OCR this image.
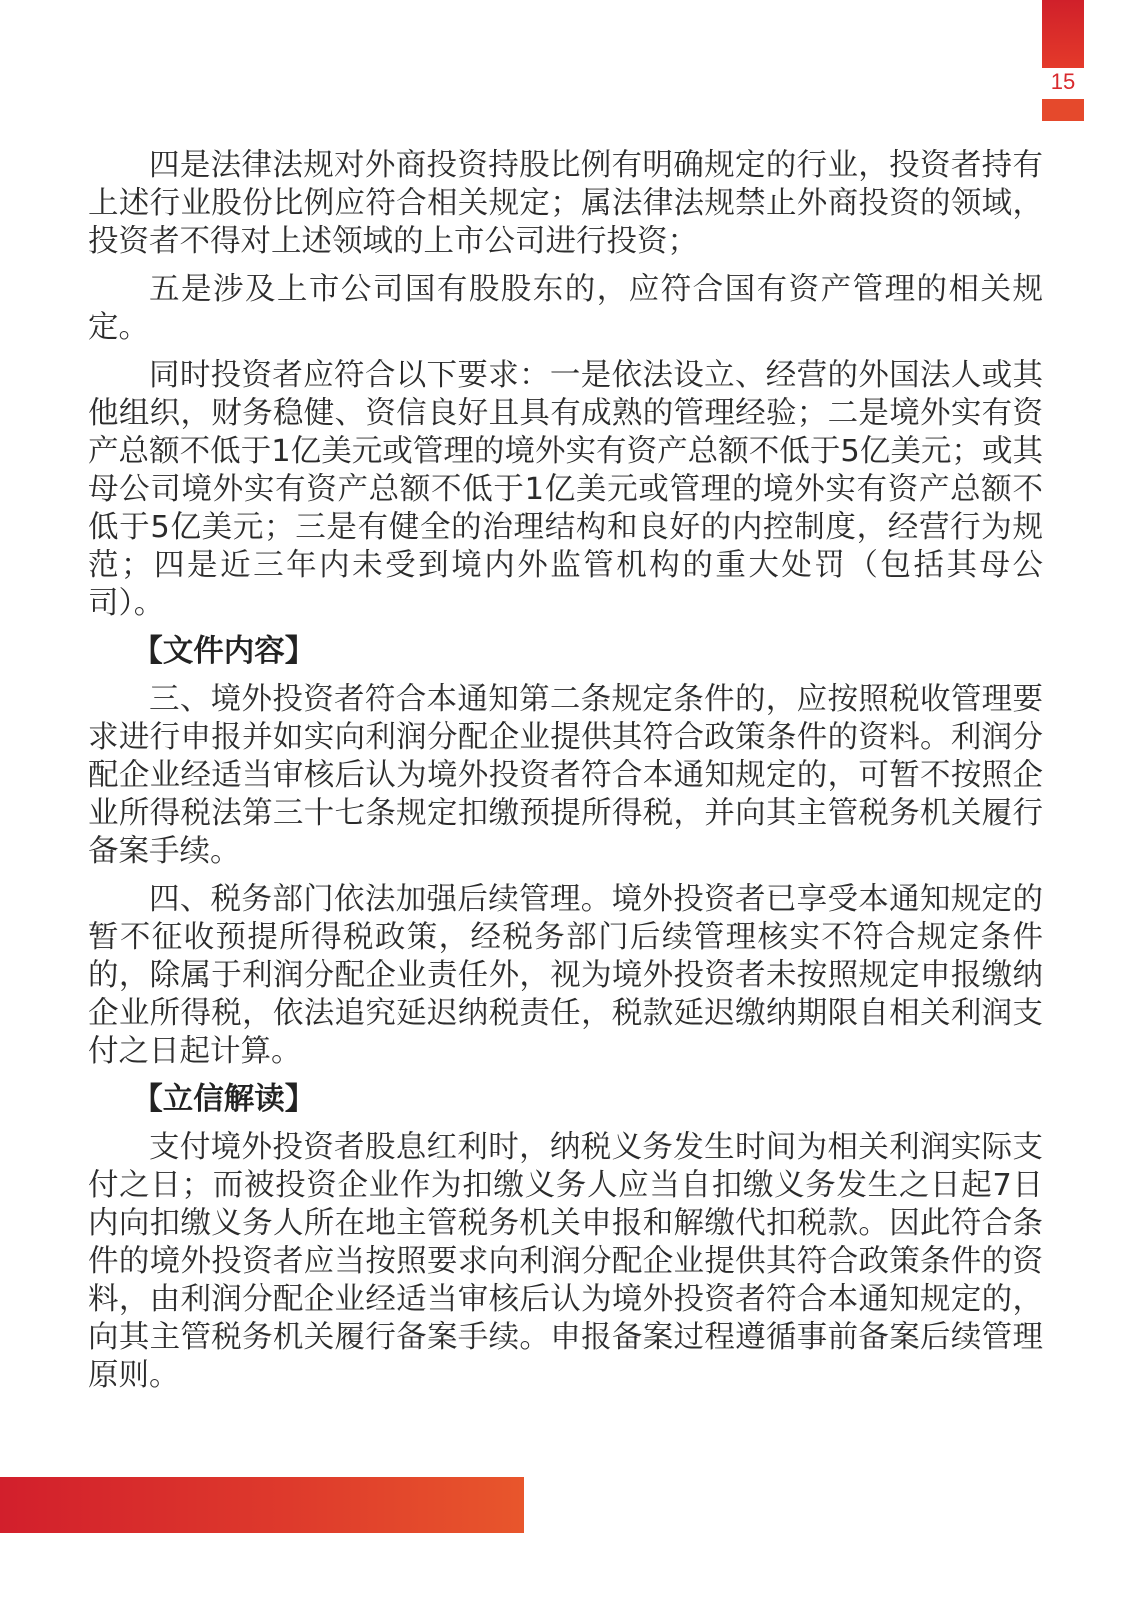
15

四是法律法规对外商投资持股比例有明确规定的行业，投资者持有上述行业股份比例应符合相关规定；属法律法规禁止外商投资的领域，投资者不得对上述领域的上市公司进行投资；

五是涉及上市公司国有股股东的，应符合国有资产管理的相关规定。

同时投资者应符合以下要求：一是依法设立、经营的外国法人或其他组织，财务稳健、资信良好且具有成熟的管理经验；二是境外实有资产总额不低于1亿美元或管理的境外实有资产总额不低于5亿美元；或其母公司境外实有资产总额不低于1亿美元或管理的境外实有资产总额不低于5亿美元；三是有健全的治理结构和良好的内控制度，经营行为规范；四是近三年内未受到境内外监管机构的重大处罚（包括其母公司）。

【文件内容】

三、境外投资者符合本通知第二条规定条件的，应按照税收管理要求进行申报并如实向利润分配企业提供其符合政策条件的资料。利润分配企业经适当审核后认为境外投资者符合本通知规定的，可暂不按照企业所得税法第三十七条规定扣缴预提所得税，并向其主管税务机关履行备案手续。

四、税务部门依法加强后续管理。境外投资者已享受本通知规定的暂不征收预提所得税政策，经税务部门后续管理核实不符合规定条件的，除属于利润分配企业责任外，视为境外投资者未按照规定申报缴纳企业所得税，依法追究延迟纳税责任，税款延迟缴纳期限自相关利润支付之日起计算。

【立信解读】

支付境外投资者股息红利时，纳税义务发生时间为相关利润实际支付之日；而被投资企业作为扣缴义务人应当自扣缴义务发生之日起7日内向扣缴义务人所在地主管税务机关申报和解缴代扣税款。因此符合条件的境外投资者应当按照要求向利润分配企业提供其符合政策条件的资料，由利润分配企业经适当审核后认为境外投资者符合本通知规定的，向其主管税务机关履行备案手续。申报备案过程遵循事前备案后续管理原则。
